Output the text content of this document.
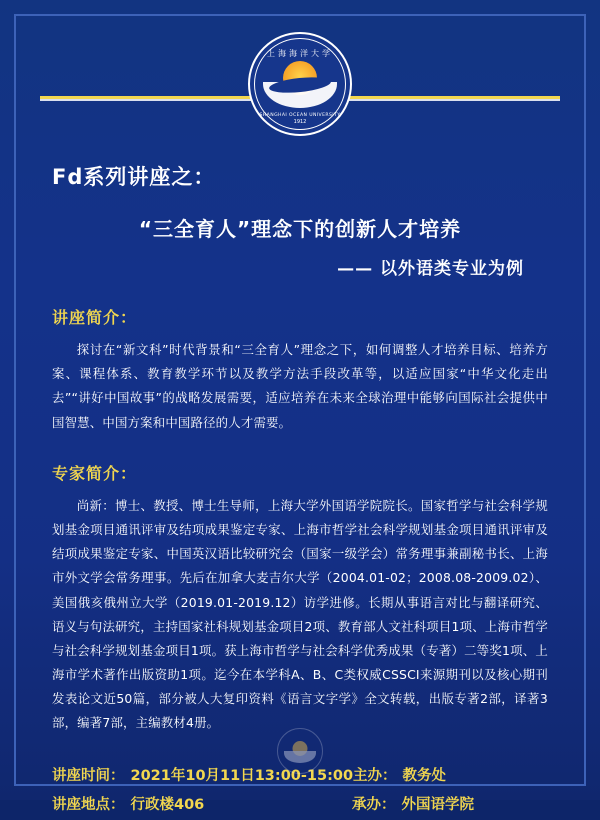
上海海洋大学
SHANGHAI OCEAN UNIVERSITY
1912
Fd系列讲座之：
“三全育人”理念下的创新人才培养
—— 以外语类专业为例
讲座简介：
探讨在“新文科”时代背景和“三全育人”理念之下，如何调整人才培养目标、培养方案、课程体系、教育教学环节以及教学方法手段改革等，以适应国家“中华文化走出去”“讲好中国故事”的战略发展需要，适应培养在未来全球治理中能够向国际社会提供中国智慧、中国方案和中国路径的人才需要。
专家简介：
尚新：博士、教授、博士生导师，上海大学外国语学院院长。国家哲学与社会科学规划基金项目通讯评审及结项成果鉴定专家、上海市哲学社会科学规划基金项目通讯评审及结项成果鉴定专家、中国英汉语比较研究会（国家一级学会）常务理事兼副秘书长、上海市外文学会常务理事。先后在加拿大麦吉尔大学（2004.01-02；2008.08-2009.02）、美国俄亥俄州立大学（2019.01-2019.12）访学进修。长期从事语言对比与翻译研究、语义与句法研究，主持国家社科规划基金项目2项、教育部人文社科项目1项、上海市哲学与社会科学规划基金项目1项。获上海市哲学与社会科学优秀成果（专著）二等奖1项、上海市学术著作出版资助1项。迄今在本学科A、B、C类权威CSSCI来源期刊以及核心期刊发表论文近50篇，部分被人大复印资料《语言文字学》全文转载，出版专著2部，译著3部，编著7部，主编教材4册。
讲座时间： 2021年10月11日13:00-15:00 主办： 教务处
讲座地点： 行政楼406	承办： 外国语学院
